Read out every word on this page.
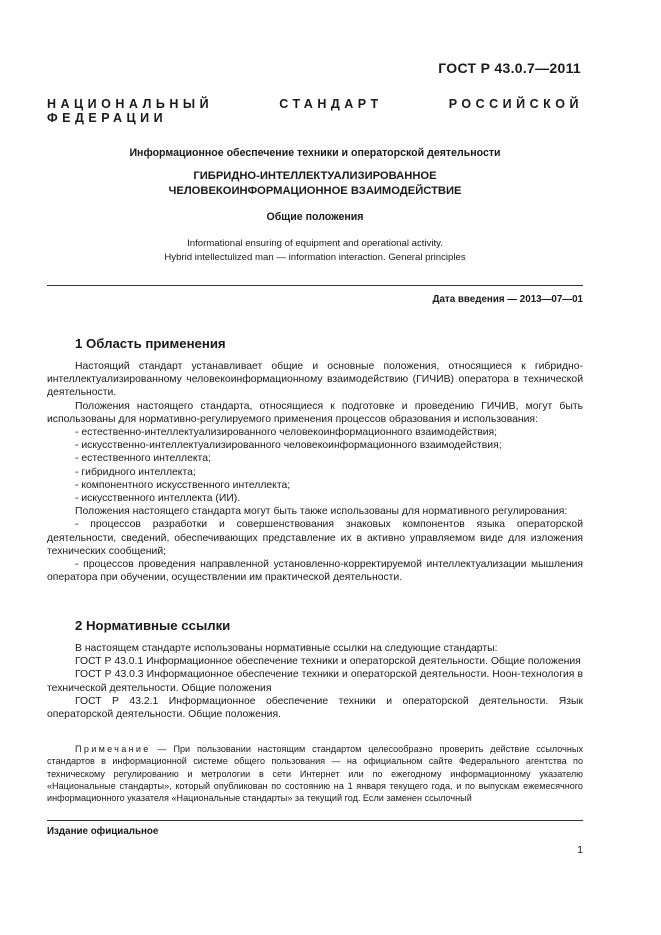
ГОСТ Р 43.0.7—2011
НАЦИОНАЛЬНЫЙ СТАНДАРТ РОССИЙСКОЙ ФЕДЕРАЦИИ
Информационное обеспечение техники и операторской деятельности
ГИБРИДНО-ИНТЕЛЛЕКТУАЛИЗИРОВАННОЕ
ЧЕЛОВЕКОИНФОРМАЦИОННОЕ ВЗАИМОДЕЙСТВИЕ
Общие положения
Informational ensuring of equipment and operational activity.
Hybrid intellectulized man — information interaction. General principles
Дата введения — 2013—07—01
1 Область применения

Настоящий стандарт устанавливает общие и основные положения, относящиеся к гибридно-интеллектуализированному человекоинформационному взаимодействию (ГИЧИВ) оператора в технической деятельности.

Положения настоящего стандарта, относящиеся к подготовке и проведению ГИЧИВ, могут быть использованы для нормативно-регулируемого применения процессов образования и использования:

- естественно-интеллектуализированного человекоинформационного взаимодействия;

- искусственно-интеллектуализированного человекоинформационного взаимодействия;

- естественного интеллекта;

- гибридного интеллекта;

- компонентного искусственного интеллекта;

- искусственного интеллекта (ИИ).

Положения настоящего стандарта могут быть также использованы для нормативного регулирования:

- процессов разработки и совершенствования знаковых компонентов языка операторской деятельности, сведений, обеспечивающих представление их в активно управляемом виде для изложения технических сообщений;

- процессов проведения направленной установленно-корректируемой интеллектуализации мышления оператора при обучении, осуществлении им практической деятельности.

2 Нормативные ссылки

В настоящем стандарте использованы нормативные ссылки на следующие стандарты:

ГОСТ Р 43.0.1 Информационное обеспечение техники и операторской деятельности. Общие положения

ГОСТ Р 43.0.3 Информационное обеспечение техники и операторской деятельности. Ноон-технология в технической деятельности. Общие положения

ГОСТ Р 43.2.1 Информационное обеспечение техники и операторской деятельности. Язык операторской деятельности. Общие положения.

Примечание — При пользовании настоящим стандартом целесообразно проверить действие ссылочных стандартов в информационной системе общего пользования — на официальном сайте Федерального агентства по техническому регулированию и метрологии в сети Интернет или по ежегодному информационному указателю «Национальные стандарты», который опубликован по состоянию на 1 января текущего года, и по выпускам ежемесячного информационного указателя «Национальные стандарты» за текущий год. Если заменен ссылочный

Издание официальное
1
